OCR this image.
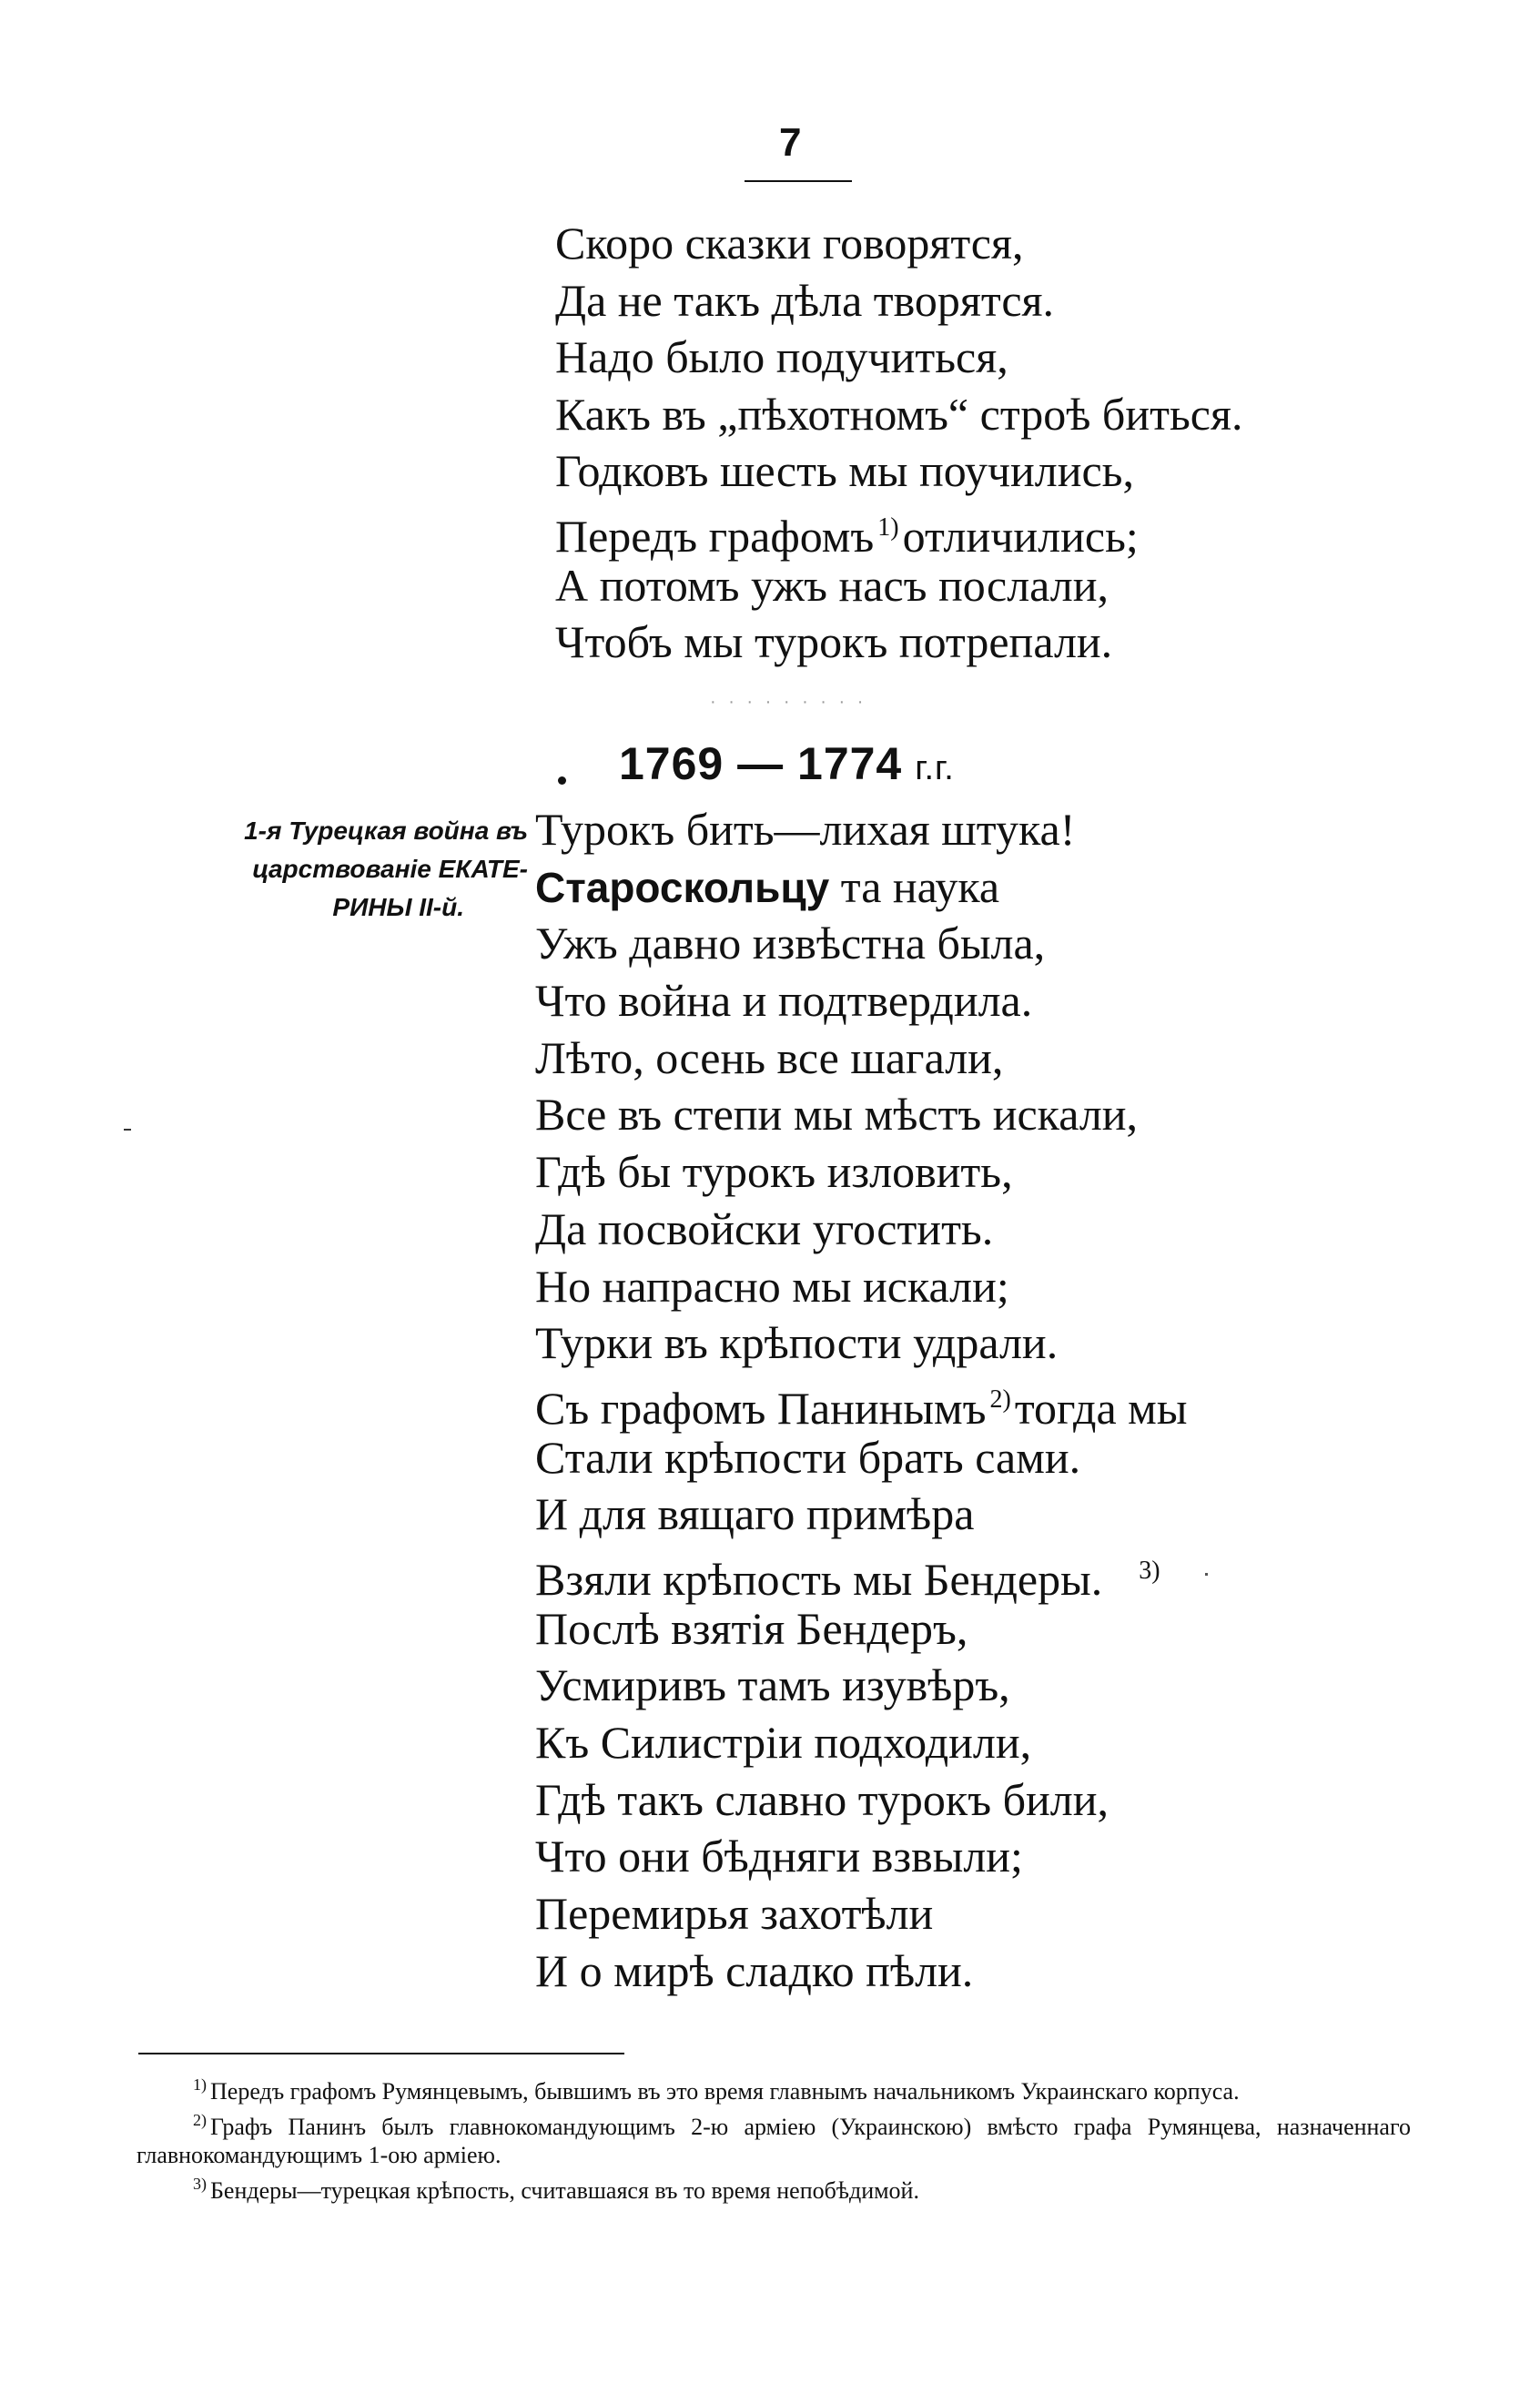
7
Скоро сказки говорятся,
Да не такъ дѣла творятся.
Надо было подучиться,
Какъ въ „пѣхотномъ“ строѣ биться.
Годковъ шесть мы поучились,
Передъ графомъ $^{1)}$отличились;
А потомъ ужъ насъ послали,
Чтобъ мы турокъ потрепали.
· · · · · · · · ·
1769 — 1774 г.г.
1-я Турецкая война въ
царствованiе ЕКАТЕ-
РИНЫ II-й.
Турокъ бить—лихая штука!
Староскольцу та наука
Ужъ давно извѣстна была,
Что война и подтвердила.
Лѣто, осень все шагали,
Все въ степи мы мѣстъ искали,
Гдѣ бы турокъ изловить,
Да посвойски угостить.
Но напрасно мы искали;
Турки въ крѣпости удрали.
Съ графомъ Панинымъ $^{2)}$тогда мы
Стали крѣпости брать сами.
И для вящаго примѣра
Взяли крѣпость мы Бендеры. $^{3)}$
Послѣ взятiя Бендеръ,
Усмиривъ тамъ изувѣръ,
Къ Силистрiи подходили,
Гдѣ такъ славно турокъ били,
Что они бѣдняги взвыли;
Перемирья захотѣли
И о мирѣ сладко пѣли.
$^{1)}$ Передъ графомъ Румянцевымъ, бывшимъ въ это время главнымъ начальникомъ Украинскаго корпуса.
$^{2)}$ Графъ Панинъ былъ главнокомандующимъ 2-ю армiею (Украинскою) вмѣсто графа Румянцева, назначеннаго главнокомандующимъ 1-ою армiею.
$^{3)}$ Бендеры—турецкая крѣпость, считавшаяся въ то время непобѣдимой.
